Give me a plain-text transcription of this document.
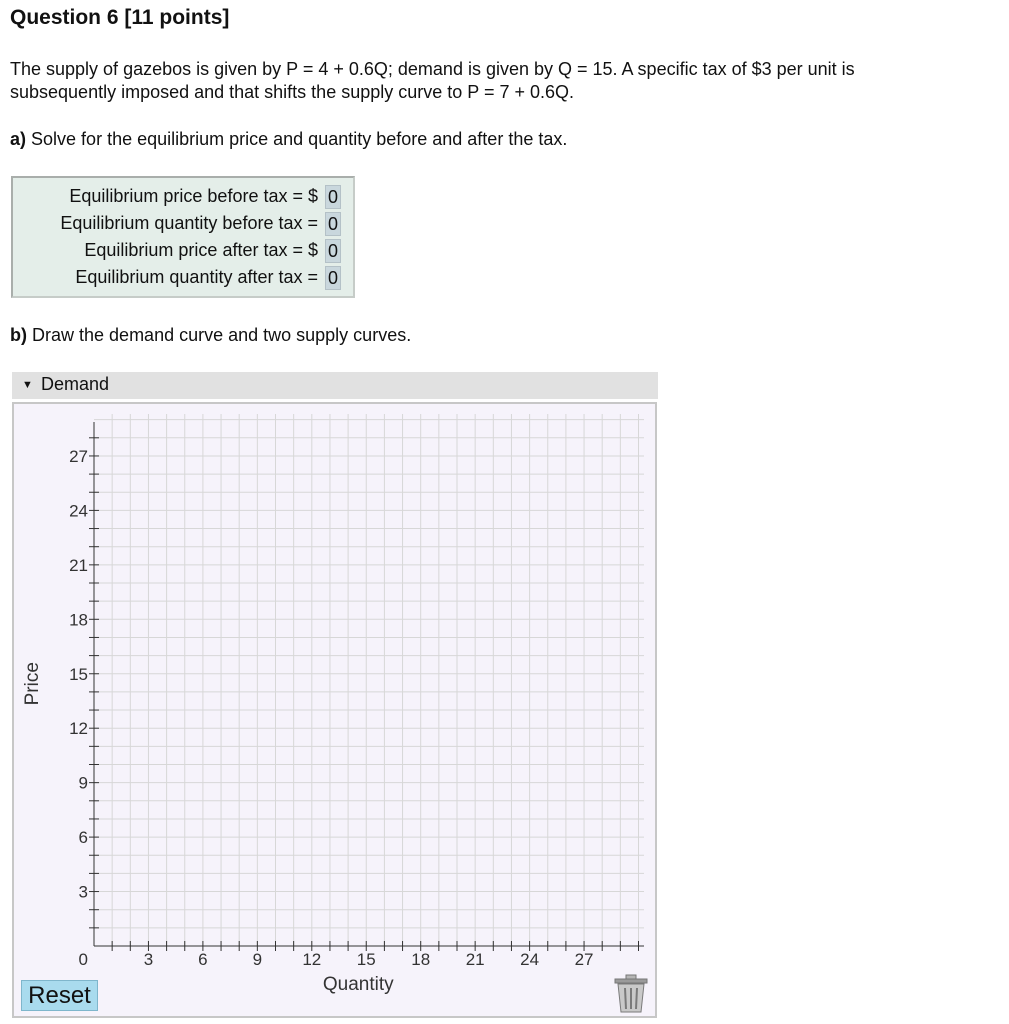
Question 6 [11 points]
The supply of gazebos is given by P = 4 + 0.6Q; demand is given by Q = 15. A specific tax of $3 per unit is
subsequently imposed and that shifts the supply curve to P = 7 + 0.6Q.
a) Solve for the equilibrium price and quantity before and after the tax.
Equilibrium price before tax = $ 0
Equilibrium quantity before tax = 0
Equilibrium price after tax = $ 0
Equilibrium quantity after tax = 0
b) Draw the demand curve and two supply curves.
▼ Demand
0	3	6	9 12 15 18 21 24 27
3
6
9
12
15
18
21
24
27
Quantity
Price
Reset
